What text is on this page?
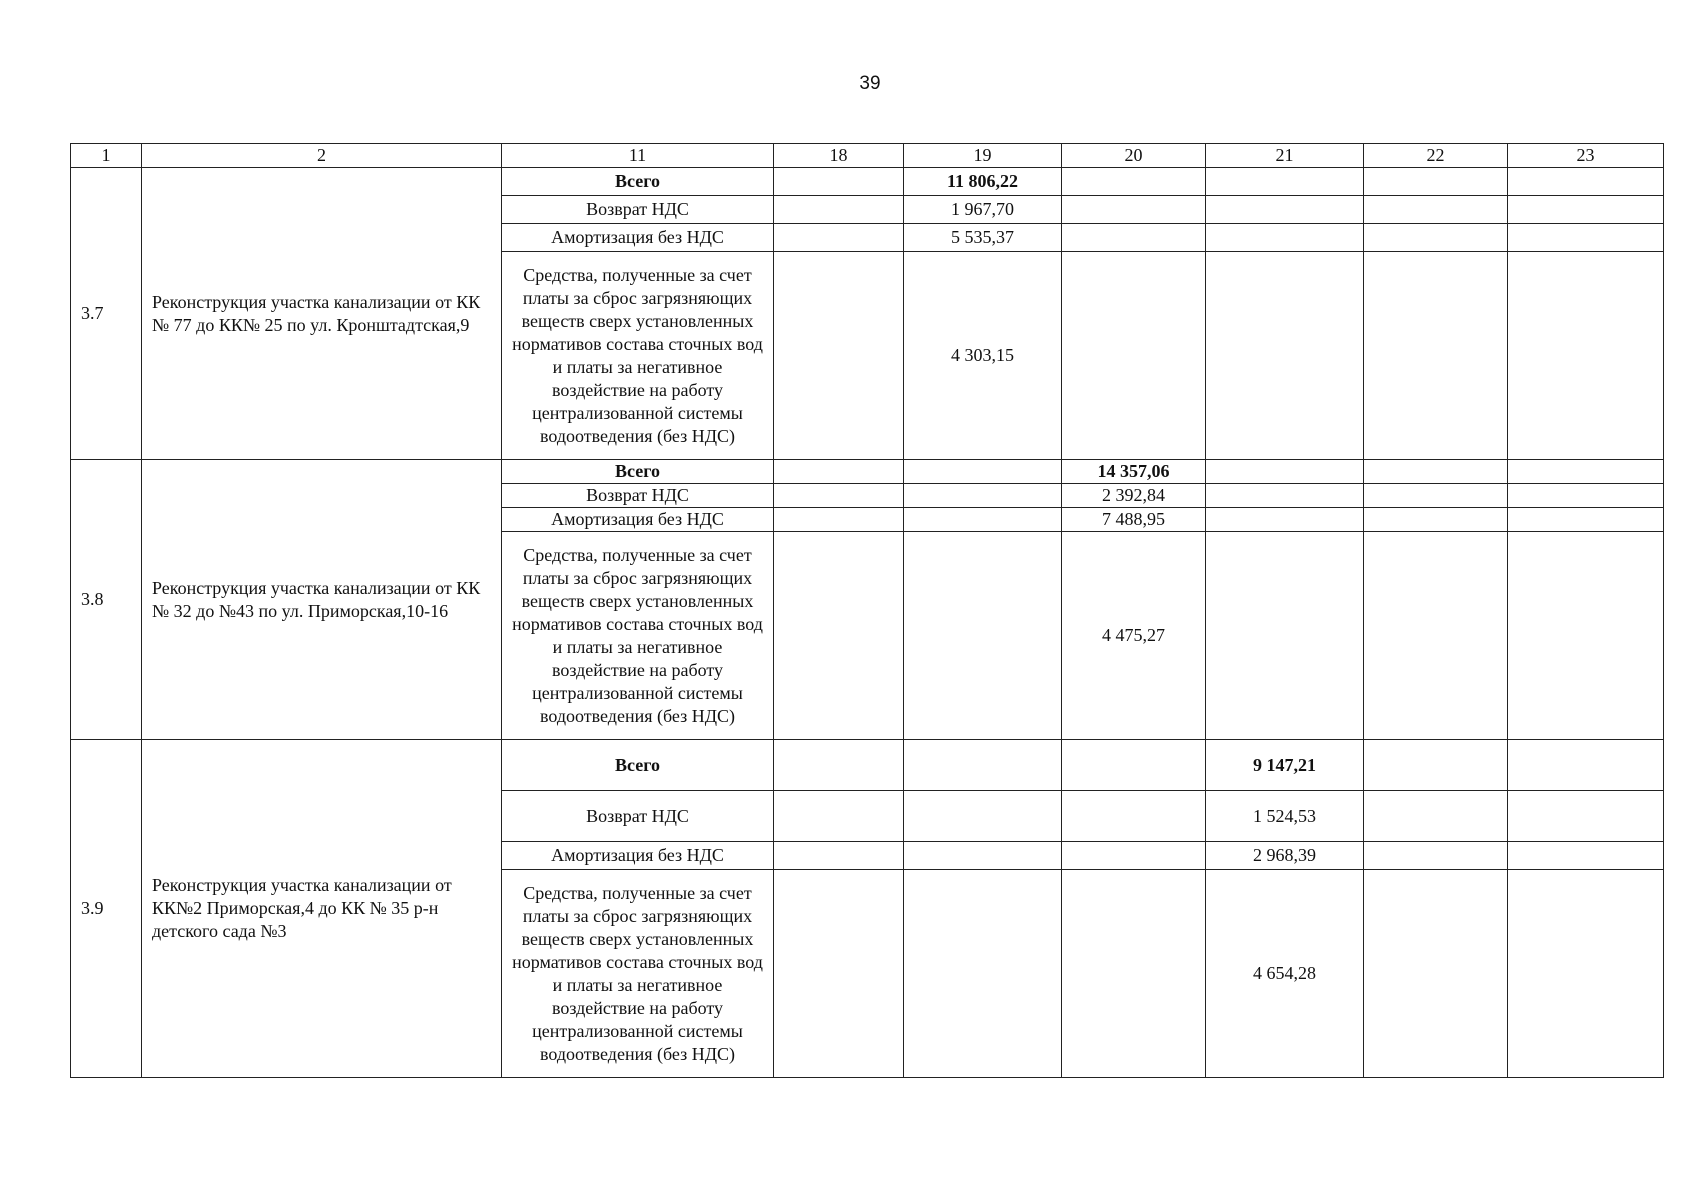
39
1	2	11	18	19	20	21	22	23
3.7	Реконструкция участка канализации от КК № 77 до КК№ 25 по ул. Кронштадтская,9	Всего		11 806,22				
		Возврат НДС		1 967,70				
		Амортизация без НДС		5 535,37				
		Средства, полученные за счет платы за сброс загрязняющих веществ сверх установленных нормативов состава сточных вод и платы за негативное воздействие на работу централизованной системы водоотведения (без НДС)		4 303,15				
3.8	Реконструкция участка канализации от КК № 32 до №43 по ул. Приморская,10-16	Всего			14 357,06			
		Возврат НДС			2 392,84			
		Амортизация без НДС			7 488,95			
		Средства, полученные за счет платы за сброс загрязняющих веществ сверх установленных нормативов состава сточных вод и платы за негативное воздействие на работу централизованной системы водоотведения (без НДС)			4 475,27			
3.9	Реконструкция участка канализации от КК№2 Приморская,4 до КК № 35 р-н детского сада №3	Всего				9 147,21		
		Возврат НДС				1 524,53		
		Амортизация без НДС				2 968,39		
		Средства, полученные за счет платы за сброс загрязняющих веществ сверх установленных нормативов состава сточных вод и платы за негативное воздействие на работу централизованной системы водоотведения (без НДС)				4 654,28		
